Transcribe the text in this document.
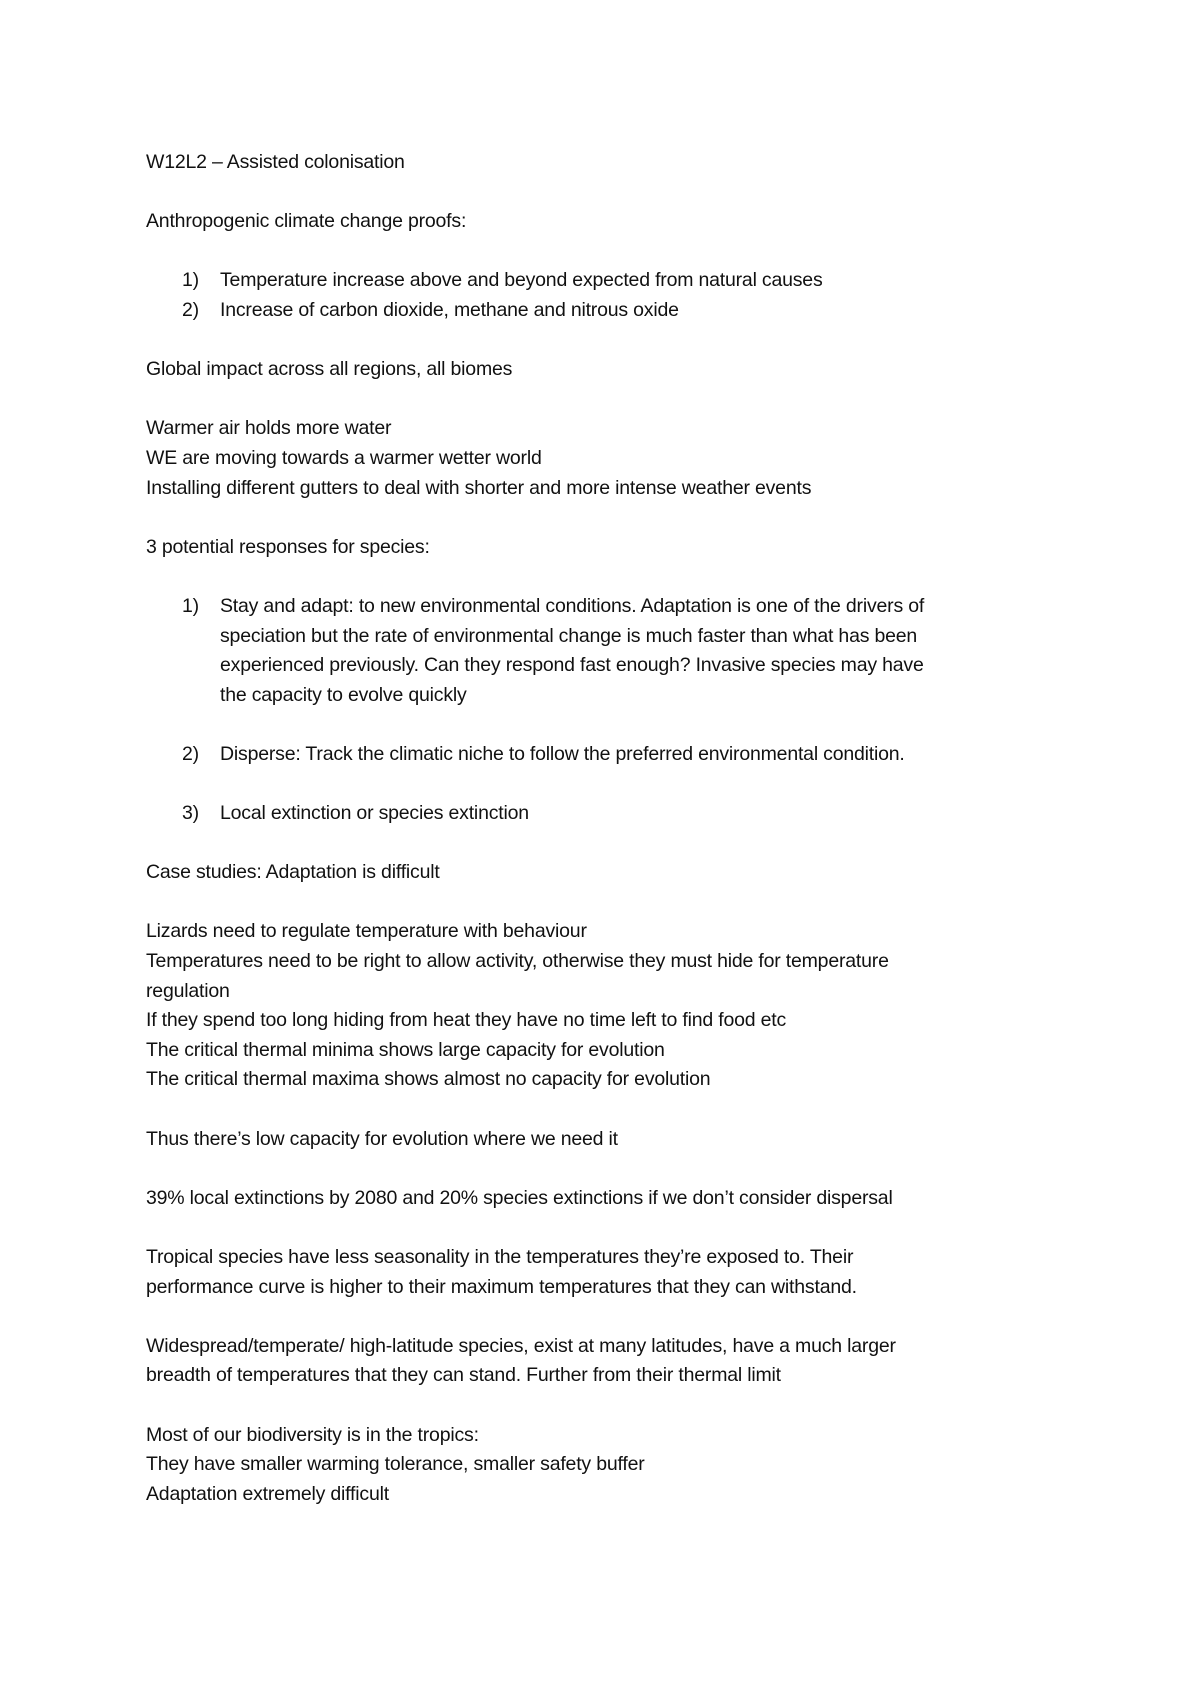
W12L2 – Assisted colonisation
Anthropogenic climate change proofs:
1) Temperature increase above and beyond expected from natural causes
2) Increase of carbon dioxide, methane and nitrous oxide
Global impact across all regions, all biomes
Warmer air holds more water
WE are moving towards a warmer wetter world
Installing different gutters to deal with shorter and more intense weather events
3 potential responses for species:
1) Stay and adapt: to new environmental conditions. Adaptation is one of the drivers of
speciation but the rate of environmental change is much faster than what has been
experienced previously. Can they respond fast enough? Invasive species may have
the capacity to evolve quickly
2) Disperse: Track the climatic niche to follow the preferred environmental condition.
3) Local extinction or species extinction
Case studies: Adaptation is difficult
Lizards need to regulate temperature with behaviour
Temperatures need to be right to allow activity, otherwise they must hide for temperature
regulation
If they spend too long hiding from heat they have no time left to find food etc
The critical thermal minima shows large capacity for evolution
The critical thermal maxima shows almost no capacity for evolution
Thus there’s low capacity for evolution where we need it
39% local extinctions by 2080 and 20% species extinctions if we don’t consider dispersal
Tropical species have less seasonality in the temperatures they’re exposed to. Their
performance curve is higher to their maximum temperatures that they can withstand.
Widespread/temperate/ high-latitude species, exist at many latitudes, have a much larger
breadth of temperatures that they can stand. Further from their thermal limit
Most of our biodiversity is in the tropics:
They have smaller warming tolerance, smaller safety buffer
Adaptation extremely difficult
